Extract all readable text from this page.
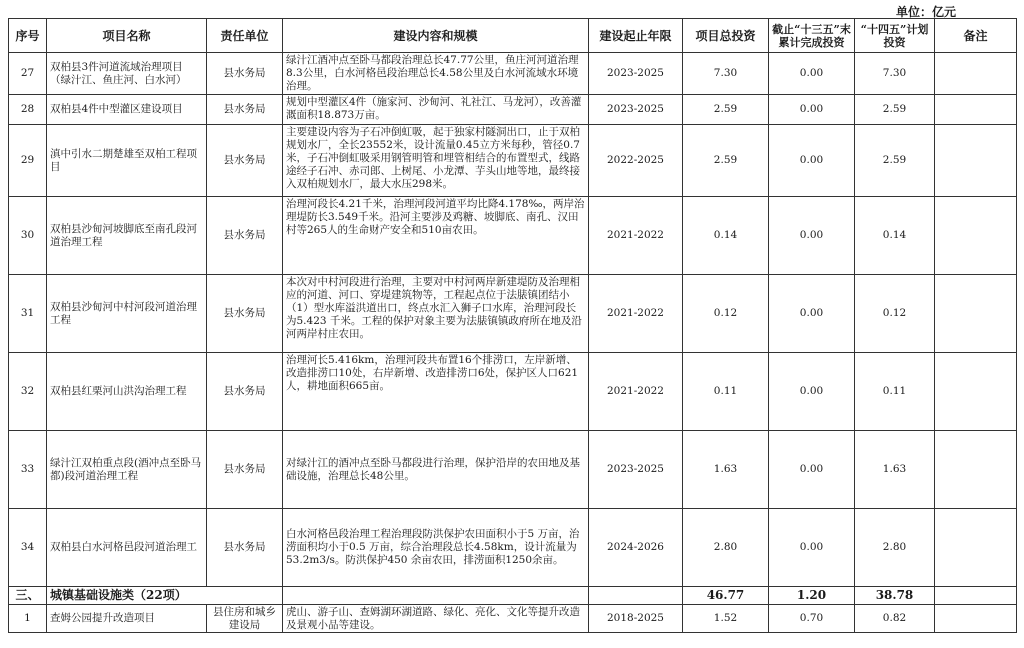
单位：亿元
序号	项目名称	责任单位	建设内容和规模	建设起止年限	项目总投资	截止“十三五”末累计完成投资	“十四五”计划投资	备注
27	双柏县3件河道流域治理项目（绿汁江、鱼庄河、白水河）	县水务局	绿汁江酒冲点至卧马都段治理总长47.77公里，鱼庄河河道治理8.3公里，白水河格邑段治理总长4.58公里及白水河流域水环境治理。	2023-2025	7.30	0.00	7.30	
28	双柏县4件中型灌区建设项目	县水务局	规划中型灌区4件（施家河、沙甸河、礼社江、马龙河），改善灌溉面积18.873万亩。	2023-2025	2.59	0.00	2.59	
29	滇中引水二期楚雄至双柏工程项目	县水务局	主要建设内容为子石冲倒虹吸，起于独家村隧洞出口，止于双柏规划水厂，全长23552米，设计流量0.45立方米每秒，管径0.7米，子石冲倒虹吸采用钢管明管和埋管相结合的布置型式，线路途经子石冲、赤司郎、上树尾、小龙潭、芋头山地等地，最终接入双柏规划水厂，最大水压298米。	2022-2025	2.59	0.00	2.59	
30	双柏县沙甸河坡脚底至南孔段河道治理工程	县水务局	治理河段长4.21千米，治理河段河道平均比降4.178‰，两岸治理堤防长3.549千米。沿河主要涉及鸡糖、坡脚底、南孔、汉田村等265人的生命财产安全和510亩农田。	2021-2022	0.14	0.00	0.14	
31	双柏县沙甸河中村河段河道治理工程	县水务局	本次对中村河段进行治理，主要对中村河两岸新建堤防及治理相应的河道、河口、穿堤建筑物等，工程起点位于法脿镇团结小（1）型水库溢洪道出口，终点水汇入狮子口水库，治理河段长为5.423 千米。工程的保护对象主要为法脿镇镇政府所在地及沿河两岸村庄农田。	2021-2022	0.12	0.00	0.12	
32	双柏县红栗河山洪沟治理工程	县水务局	治理河长5.416km，治理河段共布置16个排涝口，左岸新增、改造排涝口10处，右岸新增、改造排涝口6处，保护区人口621人，耕地面积665亩。	2021-2022	0.11	0.00	0.11	
33	绿汁江双柏重点段(酒冲点至卧马都)段河道治理工程	县水务局	对绿汁江的酒冲点至卧马都段进行治理，保护沿岸的农田地及基础设施，治理总长48公里。	2023-2025	1.63	0.00	1.63	
34	双柏县白水河格邑段河道治理工	县水务局	白水河格邑段治理工程治理段防洪保护农田面积小于5 万亩，治涝面积均小于0.5 万亩，综合治理段总长4.58km，设计流量为53.2m3/s。防洪保护450 余亩农田，排涝面积1250余亩。	2024-2026	2.80	0.00	2.80	
三、	城镇基础设施类（22项）				46.77	1.20	38.78	
1	查姆公园提升改造项目	县住房和城乡建设局	虎山、游子山、查姆湖环湖道路、绿化、亮化、文化等提升改造及景观小品等建设。	2018-2025	1.52	0.70	0.82	
